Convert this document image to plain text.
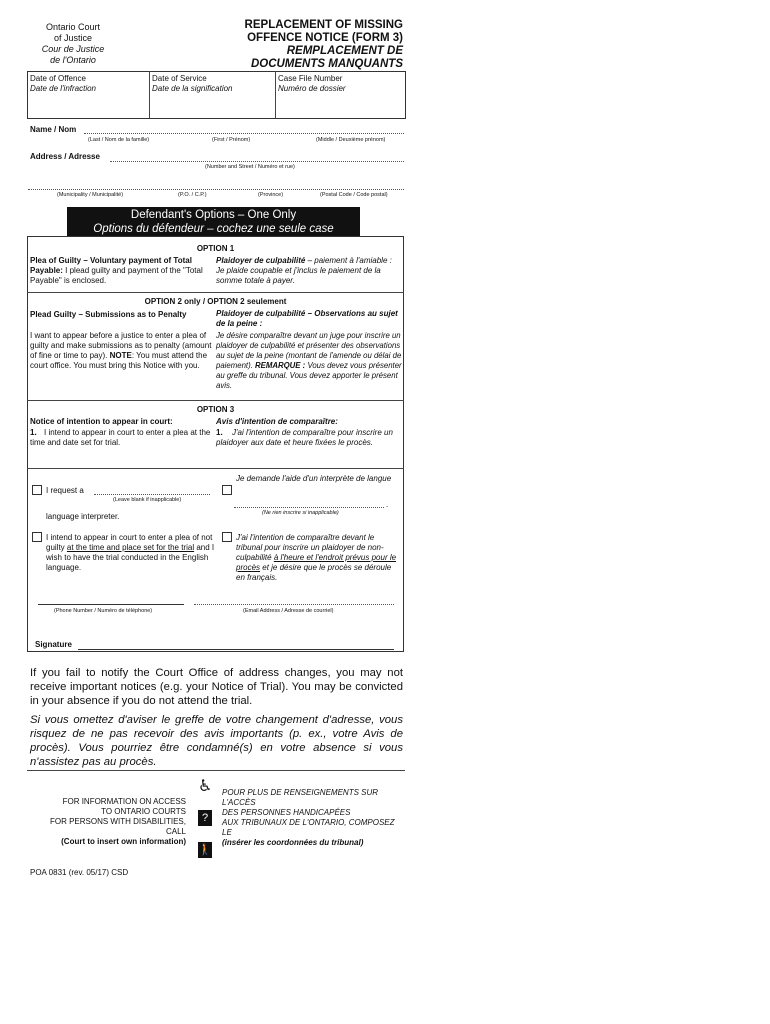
Ontario Court
of Justice
Cour de Justice
de l'Ontario
REPLACEMENT OF MISSING
OFFENCE NOTICE (FORM 3)
REMPLACEMENT DE
DOCUMENTS MANQUANTS
Date of Offence
Date de l'infraction
Date of Service
Date de la signification
Case File Number
Numéro de dossier
Name / Nom
(Last / Nom de la famille)	(First / Prénom)	(Middle / Deuxième prénom)
Address / Adresse
(Number and Street / Numéro et rue)
(Municipality / Municipalité)	(P.O. / C.P.)	(Province)	(Postal Code / Code postal)
Defendant's Options – One Only
Options du défendeur – cochez une seule case
OPTION 1
Plea of Guilty – Voluntary payment of Total Payable: I plead guilty and payment of the "Total Payable" is enclosed.
Plaidoyer de culpabilité – paiement à l'amiable : Je plaide coupable et j'inclus le paiement de la somme totale à payer.
OPTION 2 only / OPTION 2 seulement
Plead Guilty – Submissions as to Penalty
I want to appear before a justice to enter a plea of guilty and make submissions as to penalty (amount of fine or time to pay). NOTE: You must attend the court office. You must bring this Notice with you.
Plaidoyer de culpabilité – Observations au sujet de la peine :
Je désire comparaître devant un juge pour inscrire un plaidoyer de culpabilité et présenter des observations au sujet de la peine (montant de l'amende ou délai de paiement). REMARQUE : Vous devez vous présenter au greffe du tribunal. Vous devez apporter le présent avis.
OPTION 3
Notice of intention to appear in court:
1. I intend to appear in court to enter a plea at the time and date set for trial.
Avis d'intention de comparaître:
1. J'ai l'intention de comparaître pour inscrire un plaidoyer aux date et heure fixées le procès.
I request a
(Leave blank if inapplicable)
language interpreter.
Je demande l'aide d'un interprète de langue
.
(Ne rien inscrire si inapplicable)
I intend to appear in court to enter a plea of not guilty at the time and place set for the trial and I wish to have the trial conducted in the English language.
J'ai l'intention de comparaître devant le tribunal pour inscrire un plaidoyer de non-culpabilité à l'heure et l'endroit prévus pour le procès et je désire que le procès se déroule en français.
(Phone Number / Numéro de téléphone)	(Email Address / Adresse de courriel)
Signature
If you fail to notify the Court Office of address changes, you may not receive important notices (e.g. your Notice of Trial). You may be convicted in your absence if you do not attend the trial.
Si vous omettez d'aviser le greffe de votre changement d'adresse, vous risquez de ne pas recevoir des avis importants (p. ex., votre Avis de procès). Vous pourriez être condamné(s) en votre absence si vous n'assistez pas au procès.
FOR INFORMATION ON ACCESS
TO ONTARIO COURTS
FOR PERSONS WITH DISABILITIES, CALL
(Court to insert own information)
♿
?
🚶
POUR PLUS DE RENSEIGNEMENTS SUR
L'ACCÈS
DES PERSONNES HANDICAPÉES
AUX TRIBUNAUX DE L'ONTARIO, COMPOSEZ
LE
(insérer les coordonnées du tribunal)
POA 0831 (rev. 05/17) CSD
